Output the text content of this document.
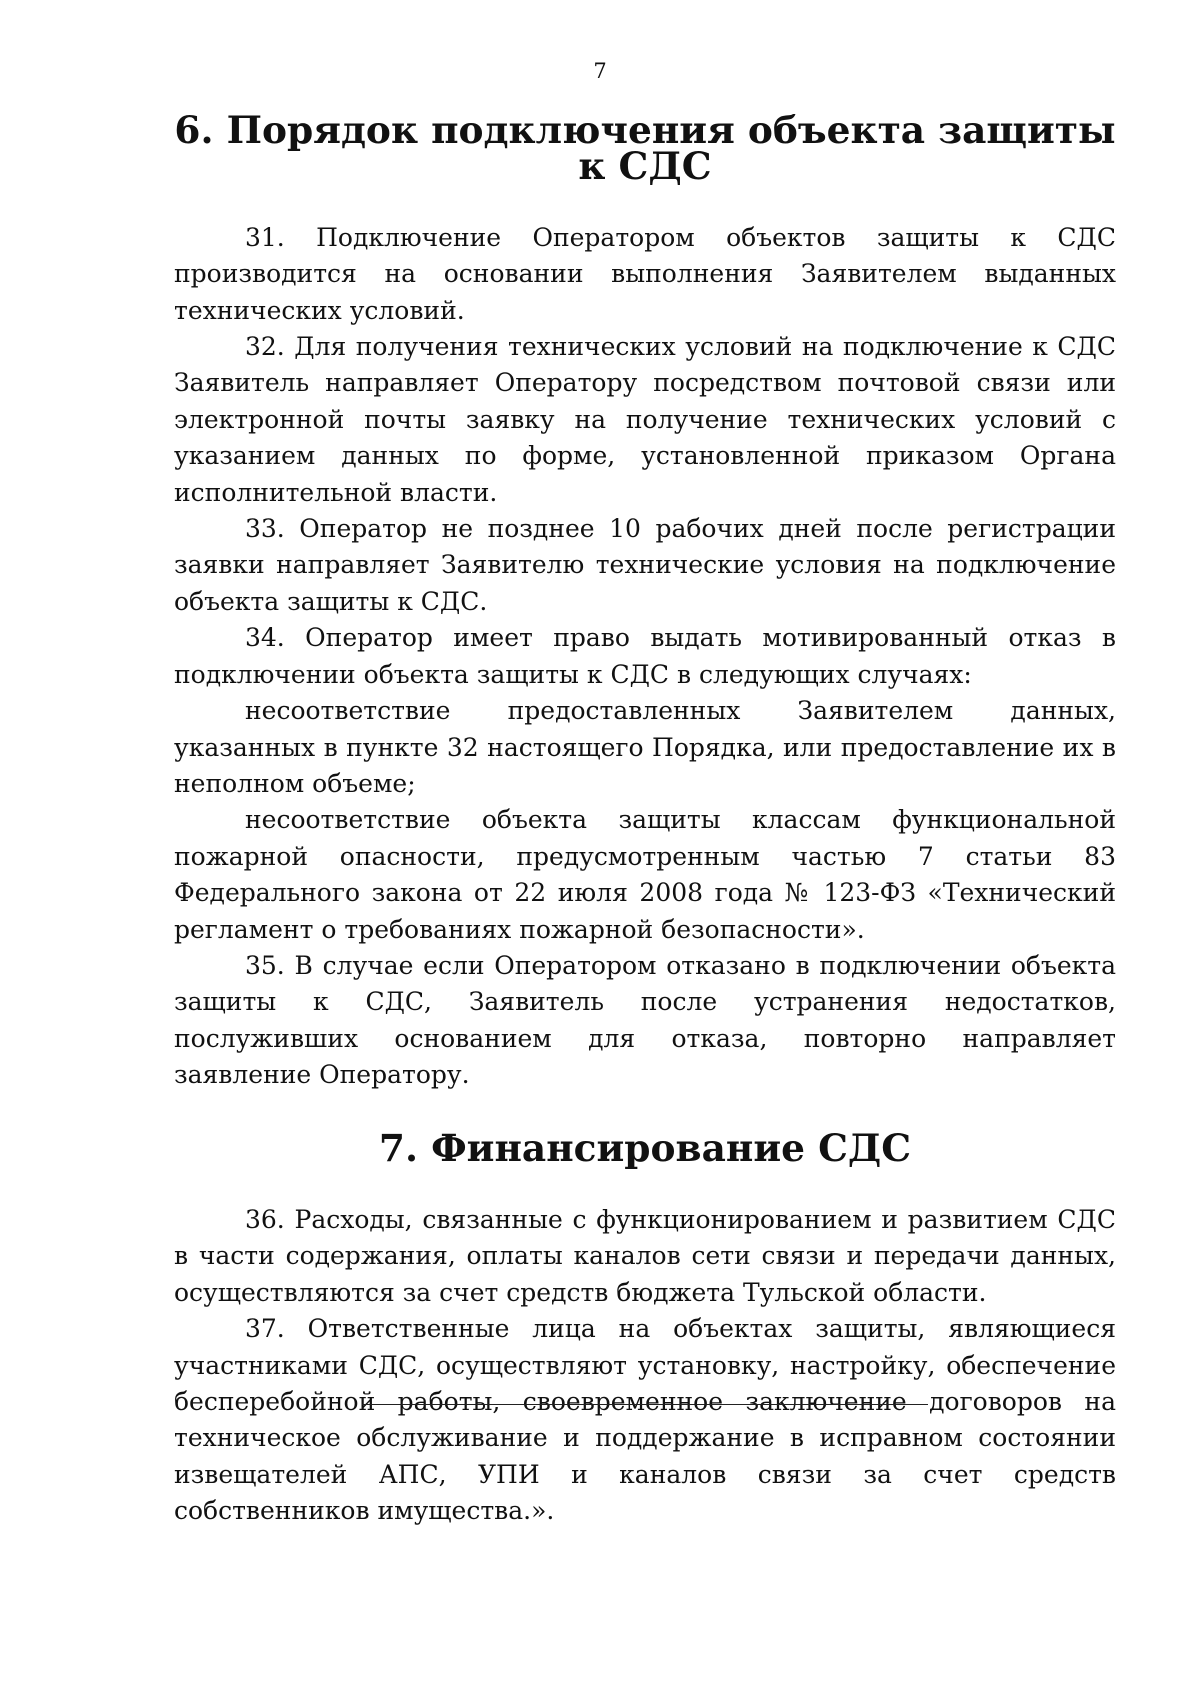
7
6. Порядок подключения объекта защиты к СДС

31. Подключение Оператором объектов защиты к СДС производится на основании выполнения Заявителем выданных технических условий.

32. Для получения технических условий на подключение к СДС Заявитель направляет Оператору посредством почтовой связи или электронной почты заявку на получение технических условий с указанием данных по форме, установленной приказом Органа исполнительной власти.

33. Оператор не позднее 10 рабочих дней после регистрации заявки направляет Заявителю технические условия на подключение объекта защиты к СДС.

34. Оператор имеет право выдать мотивированный отказ в подключении объекта защиты к СДС в следующих случаях:

несоответствие предоставленных Заявителем данных, указанных в пункте 32 настоящего Порядка, или предоставление их в неполном объеме;

несоответствие объекта защиты классам функциональной пожарной опасности, предусмотренным частью 7 статьи 83 Федерального закона от 22 июля 2008 года № 123-ФЗ «Технический регламент о требованиях пожарной безопасности».

35. В случае если Оператором отказано в подключении объекта защиты к СДС, Заявитель после устранения недостатков, послуживших основанием для отказа, повторно направляет заявление Оператору.

7. Финансирование СДС

36. Расходы, связанные с функционированием и развитием СДС в части содержания, оплаты каналов сети связи и передачи данных, осуществляются за счет средств бюджета Тульской области.

37. Ответственные лица на объектах защиты, являющиеся участниками СДС, осуществляют установку, настройку, обеспечение бесперебойной работы, своевременное заключение договоров на техническое обслуживание и поддержание в исправном состоянии извещателей АПС, УПИ и каналов связи за счет средств собственников имущества.».
